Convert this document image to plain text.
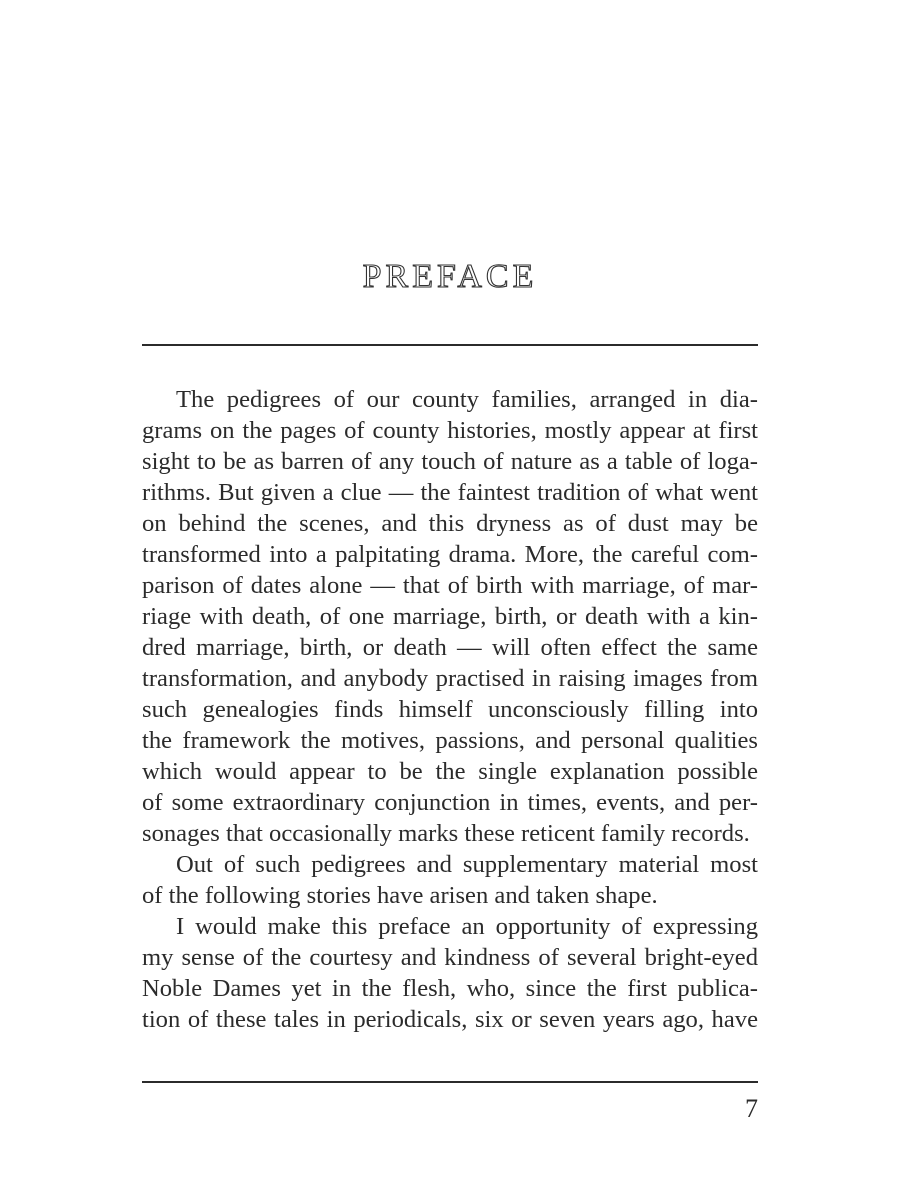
PREFACE
The pedigrees of our county families, arranged in dia-
grams on the pages of county histories, mostly appear at first
sight to be as barren of any touch of nature as a table of loga-
rithms. But given a clue — the faintest tradition of what went
on behind the scenes, and this dryness as of dust may be
transformed into a palpitating drama. More, the careful com-
parison of dates alone — that of birth with marriage, of mar-
riage with death, of one marriage, birth, or death with a kin-
dred marriage, birth, or death — will often effect the same
transformation, and anybody practised in raising images from
such genealogies finds himself unconsciously filling into
the framework the motives, passions, and personal qualities
which would appear to be the single explanation possible
of some extraordinary conjunction in times, events, and per-
sonages that occasionally marks these reticent family records.
Out of such pedigrees and supplementary material most
of the following stories have arisen and taken shape.
I would make this preface an opportunity of expressing
my sense of the courtesy and kindness of several bright-eyed
Noble Dames yet in the flesh, who, since the first publica-
tion of these tales in periodicals, six or seven years ago, have
7
